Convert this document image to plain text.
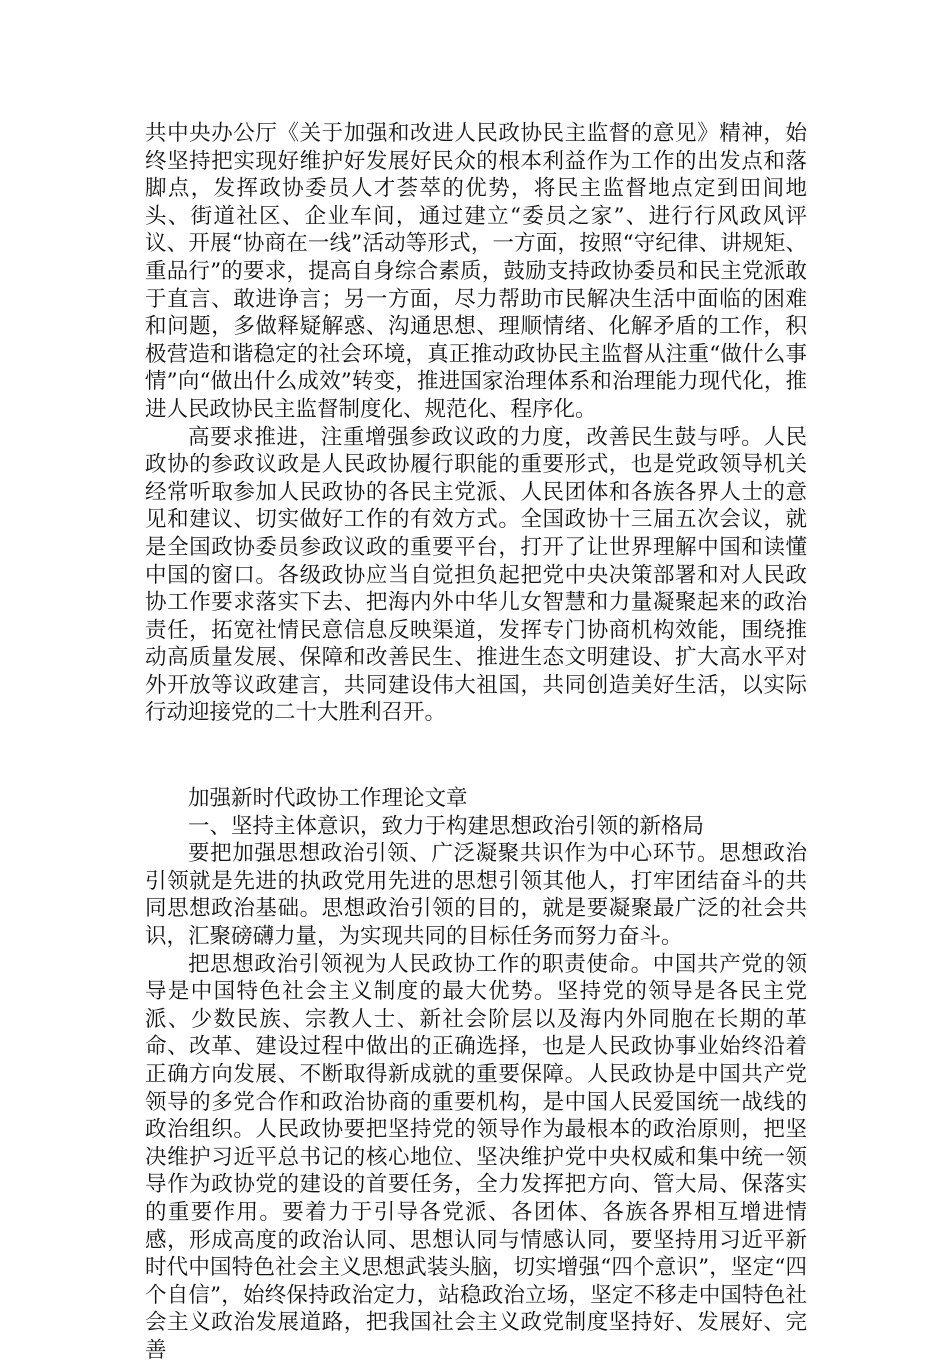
共中央办公厅《关于加强和改进人民政协民主监督的意见》精神，始终坚持把实现好维护好发展好民众的根本利益作为工作的出发点和落脚点，发挥政协委员人才荟萃的优势，将民主监督地点定到田间地头、街道社区、企业车间，通过建立“委员之家”、进行行风政风评议、开展“协商在一线”活动等形式，一方面，按照“守纪律、讲规矩、重品行”的要求，提高自身综合素质，鼓励支持政协委员和民主党派敢于直言、敢进诤言；另一方面，尽力帮助市民解决生活中面临的困难和问题，多做释疑解惑、沟通思想、理顺情绪、化解矛盾的工作，积极营造和谐稳定的社会环境，真正推动政协民主监督从注重“做什么事情”向“做出什么成效”转变，推进国家治理体系和治理能力现代化，推进人民政协民主监督制度化、规范化、程序化。

高要求推进，注重增强参政议政的力度，改善民生鼓与呼。人民政协的参政议政是人民政协履行职能的重要形式，也是党政领导机关经常听取参加人民政协的各民主党派、人民团体和各族各界人士的意见和建议、切实做好工作的有效方式。全国政协十三届五次会议，就是全国政协委员参政议政的重要平台，打开了让世界理解中国和读懂中国的窗口。各级政协应当自觉担负起把党中央决策部署和对人民政协工作要求落实下去、把海内外中华儿女智慧和力量凝聚起来的政治责任，拓宽社情民意信息反映渠道，发挥专门协商机构效能，围绕推动高质量发展、保障和改善民生、推进生态文明建设、扩大高水平对外开放等议政建言，共同建设伟大祖国，共同创造美好生活，以实际行动迎接党的二十大胜利召开。

加强新时代政协工作理论文章

一、坚持主体意识，致力于构建思想政治引领的新格局

要把加强思想政治引领、广泛凝聚共识作为中心环节。思想政治引领就是先进的执政党用先进的思想引领其他人，打牢团结奋斗的共同思想政治基础。思想政治引领的目的，就是要凝聚最广泛的社会共识，汇聚磅礴力量，为实现共同的目标任务而努力奋斗。

把思想政治引领视为人民政协工作的职责使命。中国共产党的领导是中国特色社会主义制度的最大优势。坚持党的领导是各民主党派、少数民族、宗教人士、新社会阶层以及海内外同胞在长期的革命、改革、建设过程中做出的正确选择，也是人民政协事业始终沿着正确方向发展、不断取得新成就的重要保障。人民政协是中国共产党领导的多党合作和政治协商的重要机构，是中国人民爱国统一战线的政治组织。人民政协要把坚持党的领导作为最根本的政治原则，把坚决维护习近平总书记的核心地位、坚决维护党中央权威和集中统一领导作为政协党的建设的首要任务，全力发挥把方向、管大局、保落实的重要作用。要着力于引导各党派、各团体、各族各界相互增进情感，形成高度的政治认同、思想认同与情感认同，要坚持用习近平新时代中国特色社会主义思想武装头脑，切实增强“四个意识”，坚定“四个自信”，始终保持政治定力，站稳政治立场，坚定不移走中国特色社会主义政治发展道路，把我国社会主义政党制度坚持好、发展好、完善
